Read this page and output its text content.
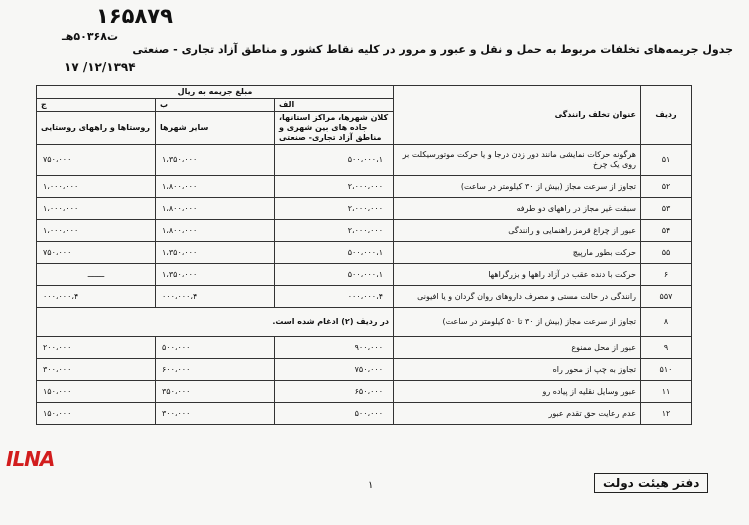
١۶۵٨٧٩
ت۵٠٣۶٨هـ
جدول جریمه‌های تخلفات مربوط به حمل و نقل و عبور و مرور در کلیه نقاط کشور و مناطق آزاد تجاری - صنعتی
١٣٩۴/١٢/ ١٧
ردیف	عنوان تخلف رانندگی	مبلغ جریمه به ریال		
		الف	ب	ج
		کلان شهرها، مراکز استانها، جاده های بین شهری و مناطق آزاد تجاری- صنعتی	سایر شهرها	روستاها و راههای روستایی
۵١	هرگونه حرکات نمایشی مانند دور زدن درجا و یا حرکت موتورسیکلت بر روی یک چرخ	١،۵٠٠،٠٠٠	١،٣۵٠،٠٠٠	٧۵٠،٠٠٠
۵٢	تجاوز از سرعت مجاز (بیش از ٣٠ کیلومتر در ساعت)	٢،٠٠٠،٠٠٠	١،٨٠٠،٠٠٠	١،٠٠٠،٠٠٠
۵٣	سبقت غیر مجاز در راههای دو طرفه	٢،٠٠٠،٠٠٠	١،٨٠٠،٠٠٠	١،٠٠٠،٠٠٠
۵۴	عبور از چراغ قرمز راهنمایی و رانندگی	٢،٠٠٠،٠٠٠	١،٨٠٠،٠٠٠	١،٠٠٠،٠٠٠
۵۵	حرکت بطور مارپیچ	١،۵٠٠،٠٠٠	١،٣۵٠،٠٠٠	٧۵٠،٠٠٠
۶	حرکت با دنده عقب در آزاد راهها و بزرگراهها	١،۵٠٠،٠٠٠	١،٣۵٠،٠٠٠	ـــــــ
۵۵٧	رانندگی در حالت مستی و مصرف داروهای روان گردان و یا افیونی	۴،٠٠٠،٠٠٠	۴،٠٠٠،٠٠٠	۴،٠٠٠،٠٠٠
٨	تجاوز از سرعت مجاز (بیش از ٣٠ تا ۵٠ کیلومتر در ساعت)	در ردیف (٢) ادغام شده است.		
٩	عبور از محل ممنوع	٩٠٠،٠٠٠	۵٠٠،٠٠٠	٢٠٠،٠٠٠
۵١٠	تجاوز به چپ از محور راه	٧۵٠،٠٠٠	۶٠٠،٠٠٠	٣٠٠،٠٠٠
١١	عبور وسایل نقلیه از پیاده رو	۶۵٠،٠٠٠	٣۵٠،٠٠٠	١۵٠،٠٠٠
١٢	عدم رعایت حق تقدم عبور	۵٠٠،٠٠٠	٣٠٠،٠٠٠	١۵٠،٠٠٠
ILNA
١	دفتر هیئت دولت
